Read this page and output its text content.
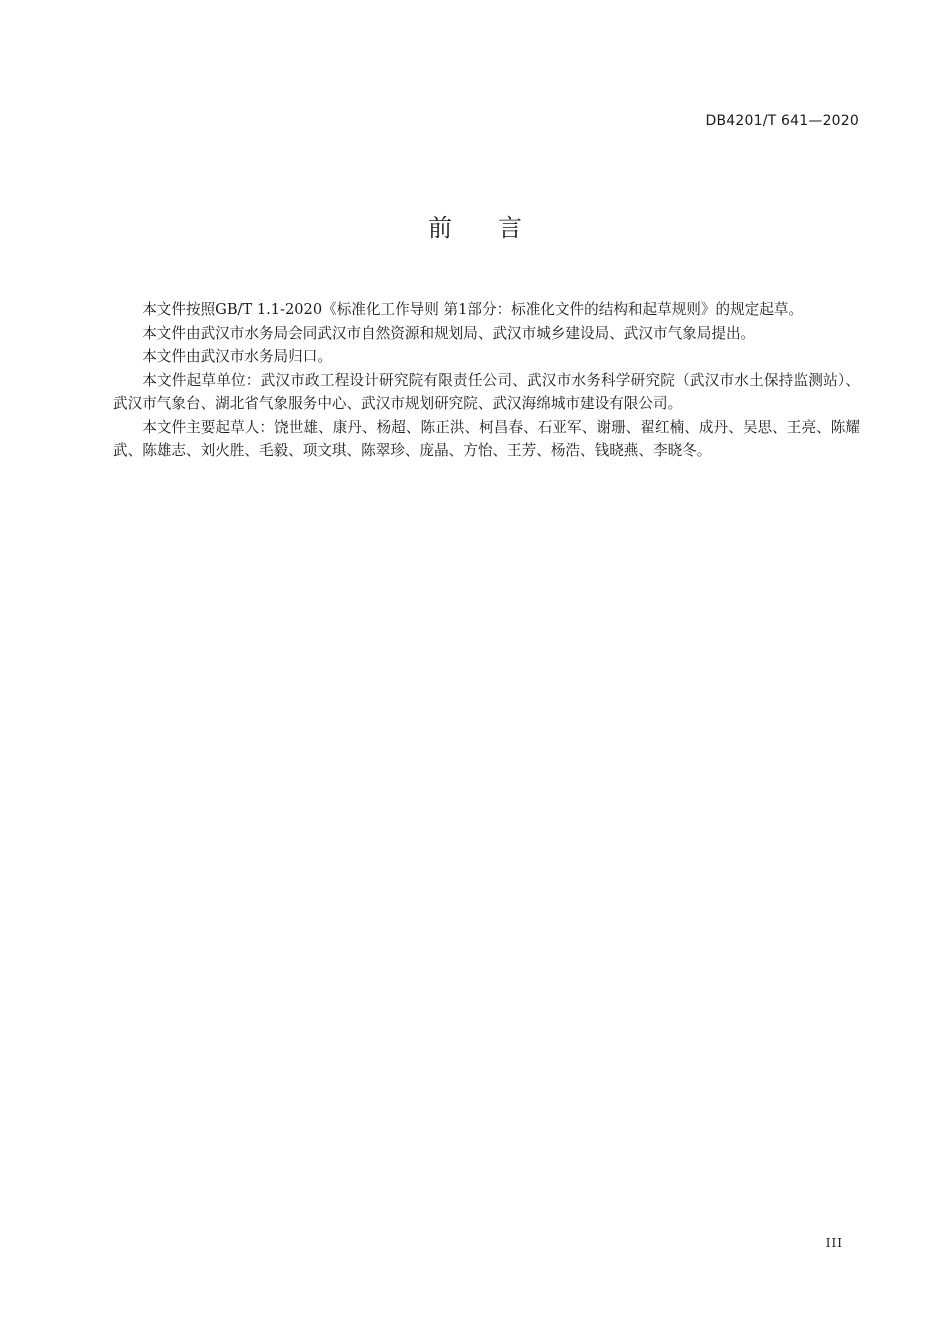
DB4201/T 641—2020
前 言

本文件按照GB/T 1.1-2020《标准化工作导则 第1部分：标准化文件的结构和起草规则》的规定起草。

本文件由武汉市水务局会同武汉市自然资源和规划局、武汉市城乡建设局、武汉市气象局提出。

本文件由武汉市水务局归口。

本文件起草单位：武汉市政工程设计研究院有限责任公司、武汉市水务科学研究院（武汉市水土保持监测站）、武汉市气象台、湖北省气象服务中心、武汉市规划研究院、武汉海绵城市建设有限公司。

本文件主要起草人：饶世雄、康丹、杨超、陈正洪、柯昌春、石亚军、谢珊、翟红楠、成丹、吴思、王亮、陈耀武、陈雄志、刘火胜、毛毅、项文琪、陈翠珍、庞晶、方怡、王芳、杨浩、钱晓燕、李晓冬。

III
